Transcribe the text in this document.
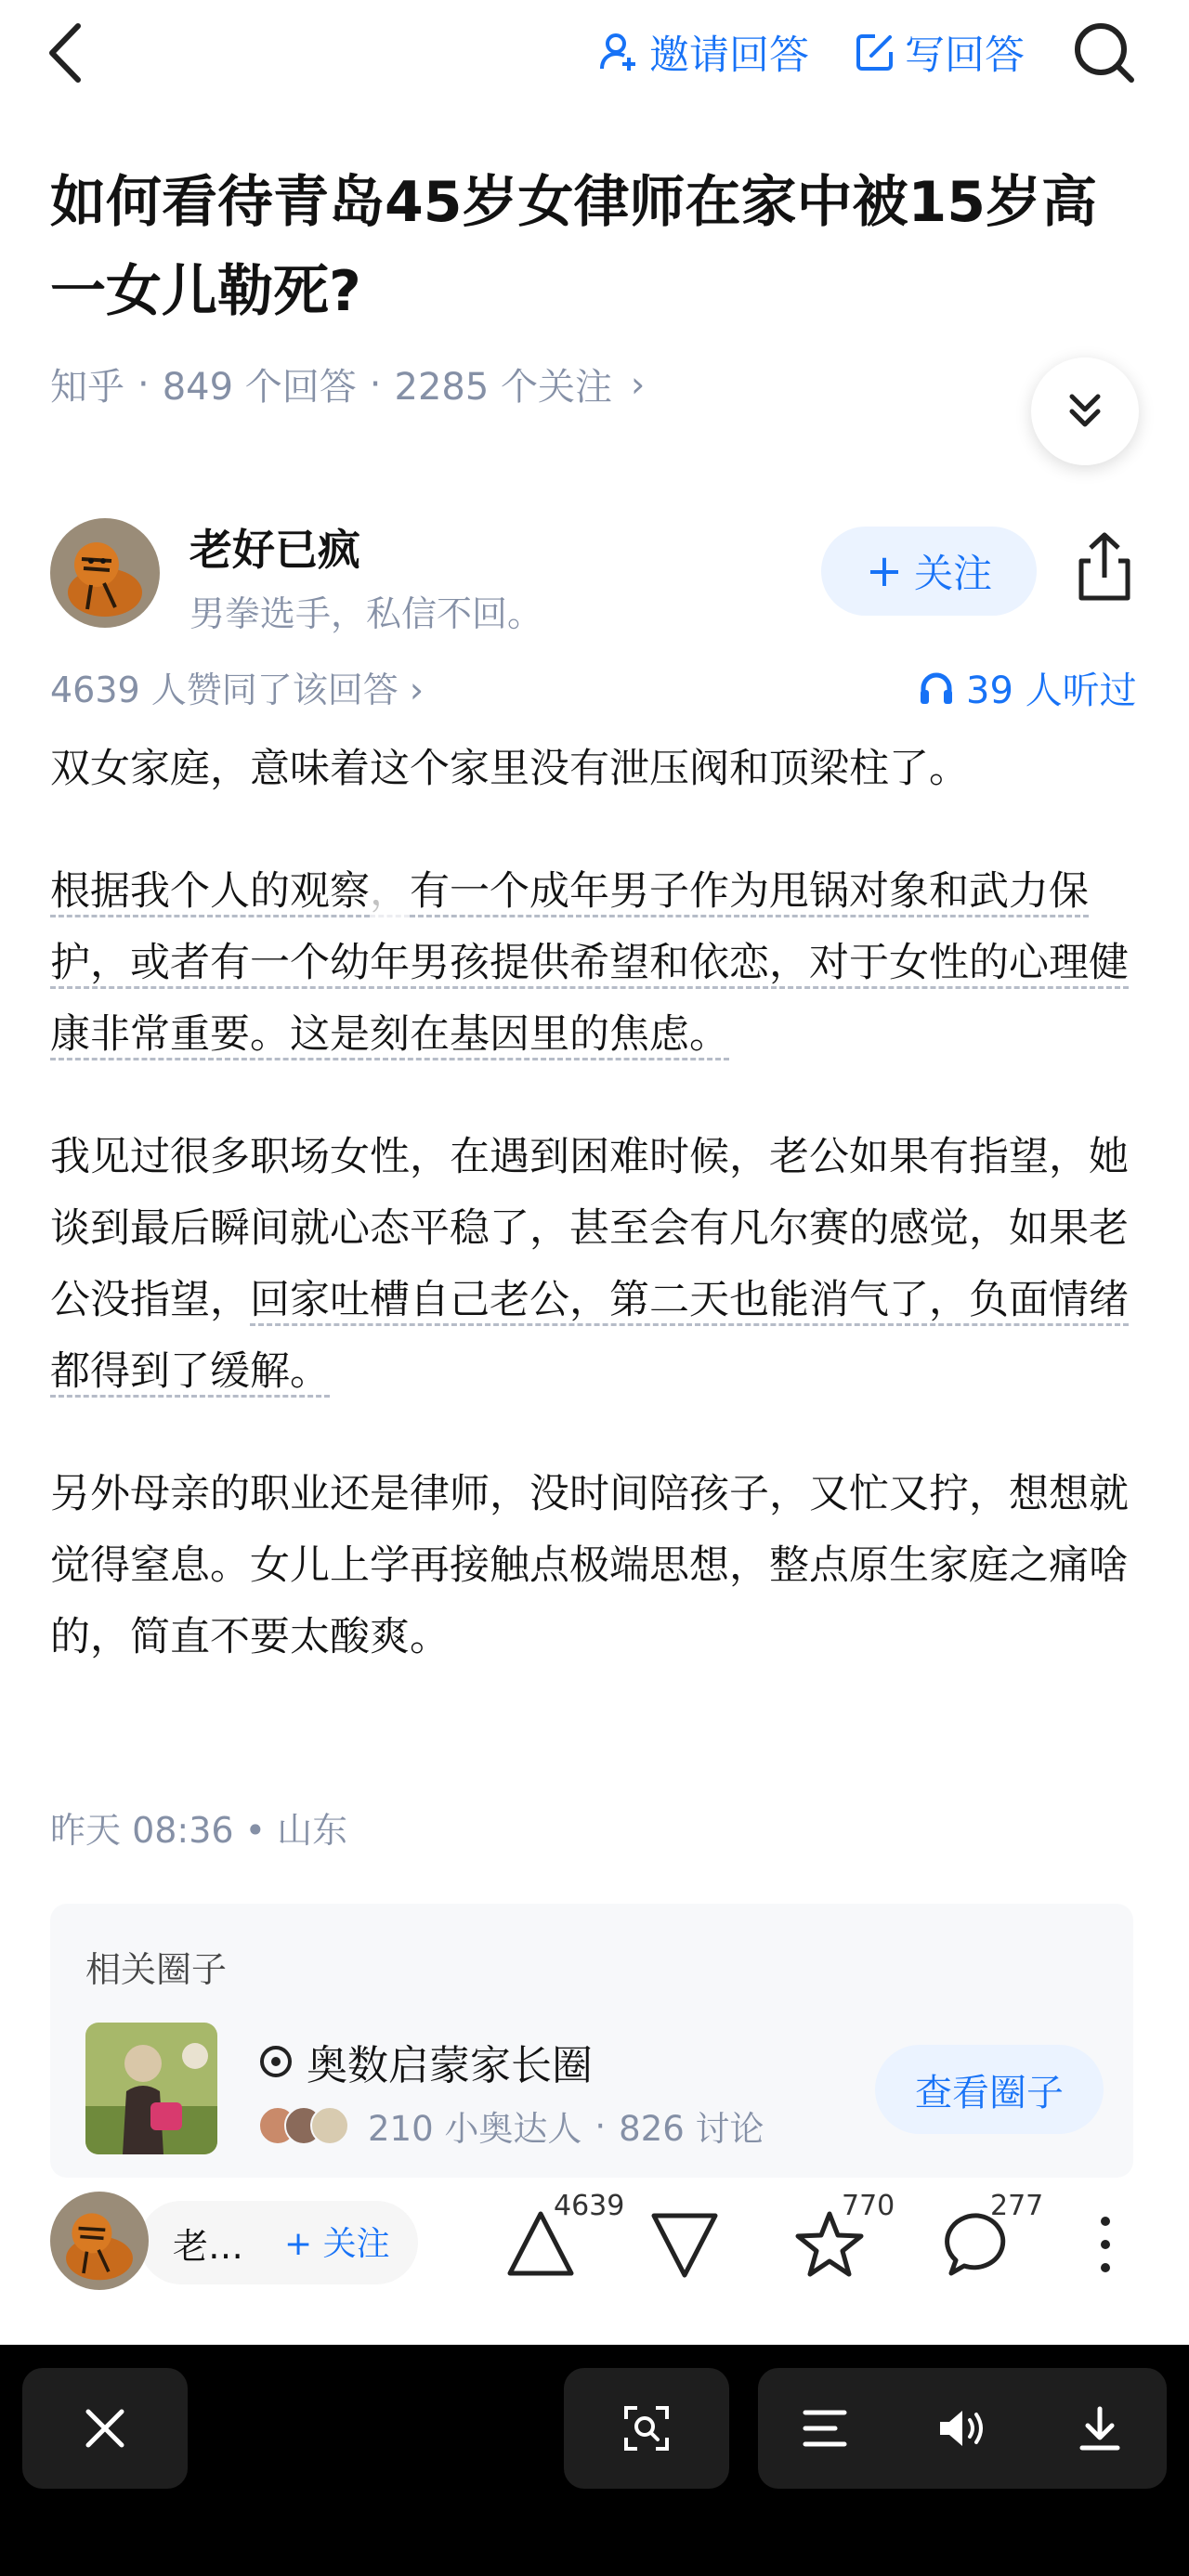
邀请回答 写回答
如何看待青岛45岁女律师在家中被15岁高一女儿勒死?
知乎 · 849 个回答 · 2285 个关注 ›
老好已疯
男拳选手，私信不回。
+ 关注
4639 人赞同了该回答 ›	39 人听过

双女家庭，意味着这个家里没有泄压阀和顶梁柱了。

根据我个人的观察，有一个成年男子作为甩锅对象和武力保护，或者有一个幼年男孩提供希望和依恋，对于女性的心理健康非常重要。这是刻在基因里的焦虑。

我见过很多职场女性，在遇到困难时候，老公如果有指望，她谈到最后瞬间就心态平稳了，甚至会有凡尔赛的感觉，如果老公没指望，回家吐槽自己老公，第二天也能消气了，负面情绪都得到了缓解。

另外母亲的职业还是律师，没时间陪孩子，又忙又拧，想想就觉得窒息。女儿上学再接触点极端思想，整点原生家庭之痛啥的，简直不要太酸爽。

昨天 08:36 • 山东
相关圈子
奥数启蒙家长圈
210 小奥达人 · 826 讨论
查看圈子
老… + 关注
4639	770	277
